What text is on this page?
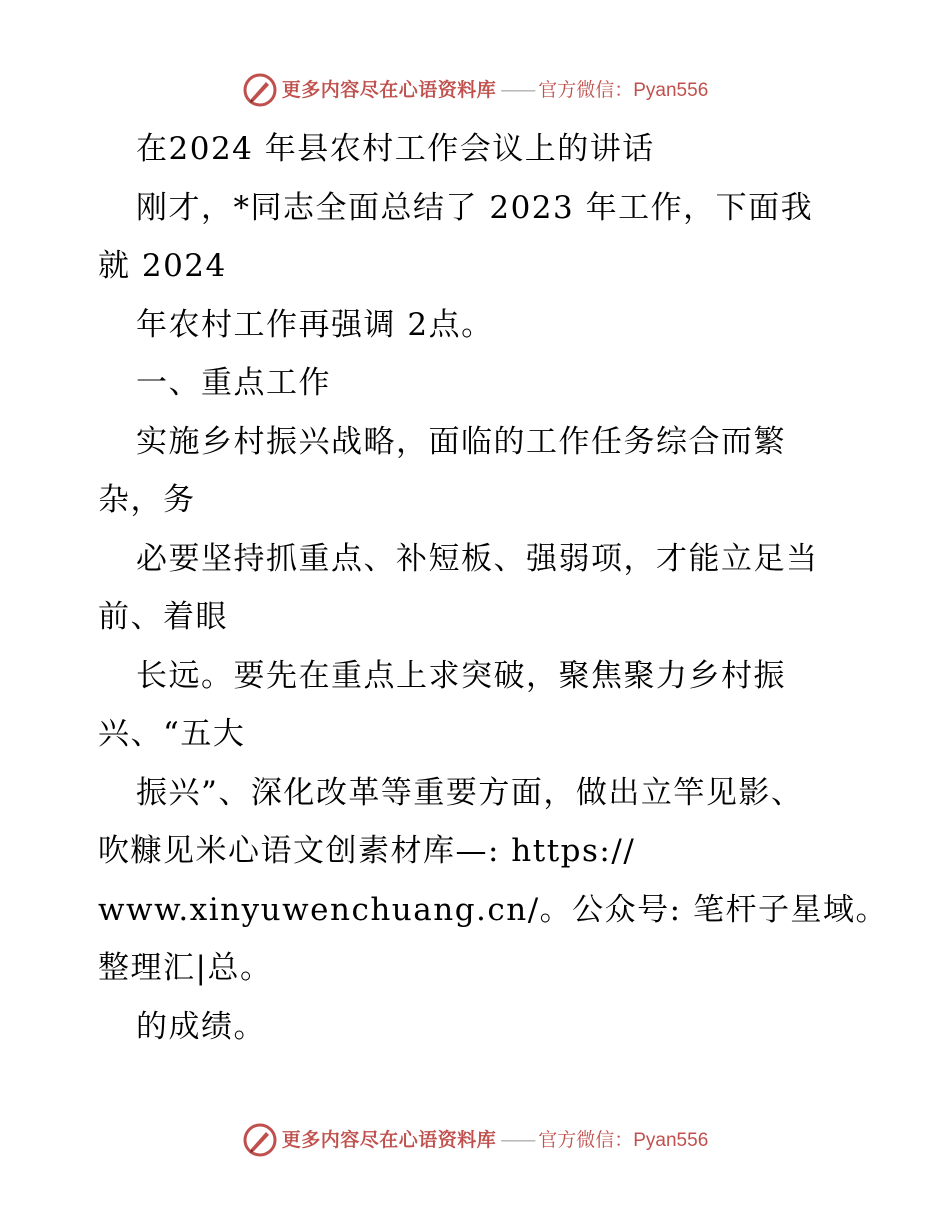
更多内容尽在心语资料库 —— 官方微信： Pyan556
在2024 年县农村工作会议上的讲话
刚才，*同志全面总结了 2023 年工作，下面我
就 2024
年农村工作再强调 2点。
一、重点工作
实施乡村振兴战略，面临的工作任务综合而繁
杂，务
必要坚持抓重点、补短板、强弱项，才能立足当
前、着眼
长远。要先在重点上求突破，聚焦聚力乡村振
兴、“五大
振兴”、深化改革等重要方面，做出立竿见影、
吹糠见米心语文创素材库—: https://
www.xinyuwenchuang.cn/。公众号: 笔杆子星域。
整理汇|总。
的成绩。
更多内容尽在心语资料库 —— 官方微信： Pyan556
